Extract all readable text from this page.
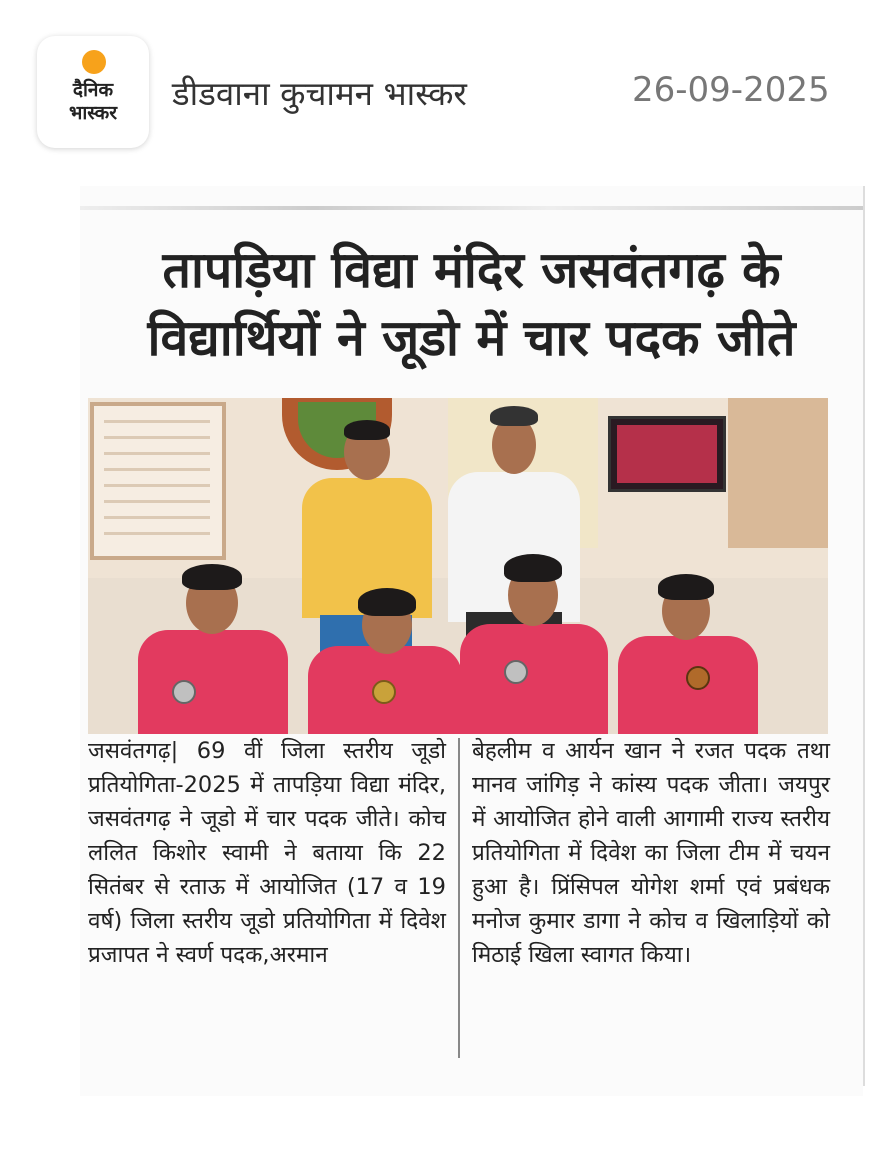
दैनिक
भास्कर	डीडवाना कुचामन भास्कर	26-09-2025
तापड़िया विद्या मंदिर जसवंतगढ़ के
विद्यार्थियों ने जूडो में चार पदक जीते
जसवंतगढ़| 69 वीं जिला स्तरीय जूडो प्रतियोगिता-2025 में तापड़िया विद्या मंदिर, जसवंतगढ़ ने जूडो में चार पदक जीते। कोच ललित किशोर स्वामी ने बताया कि 22 सितंबर से रताऊ में आयोजित (17 व 19 वर्ष) जिला स्तरीय जूडो प्रतियोगिता में दिवेश प्रजापत ने स्वर्ण पदक,अरमान
बेहलीम व आर्यन खान ने रजत पदक तथा मानव जांगिड़ ने कांस्य पदक जीता। जयपुर में आयोजित होने वाली आगामी राज्य स्तरीय प्रतियोगिता में दिवेश का जिला टीम में चयन हुआ है। प्रिंसिपल योगेश शर्मा एवं प्रबंधक मनोज कुमार डागा ने कोच व खिलाड़ियों को मिठाई खिला स्वागत किया।
